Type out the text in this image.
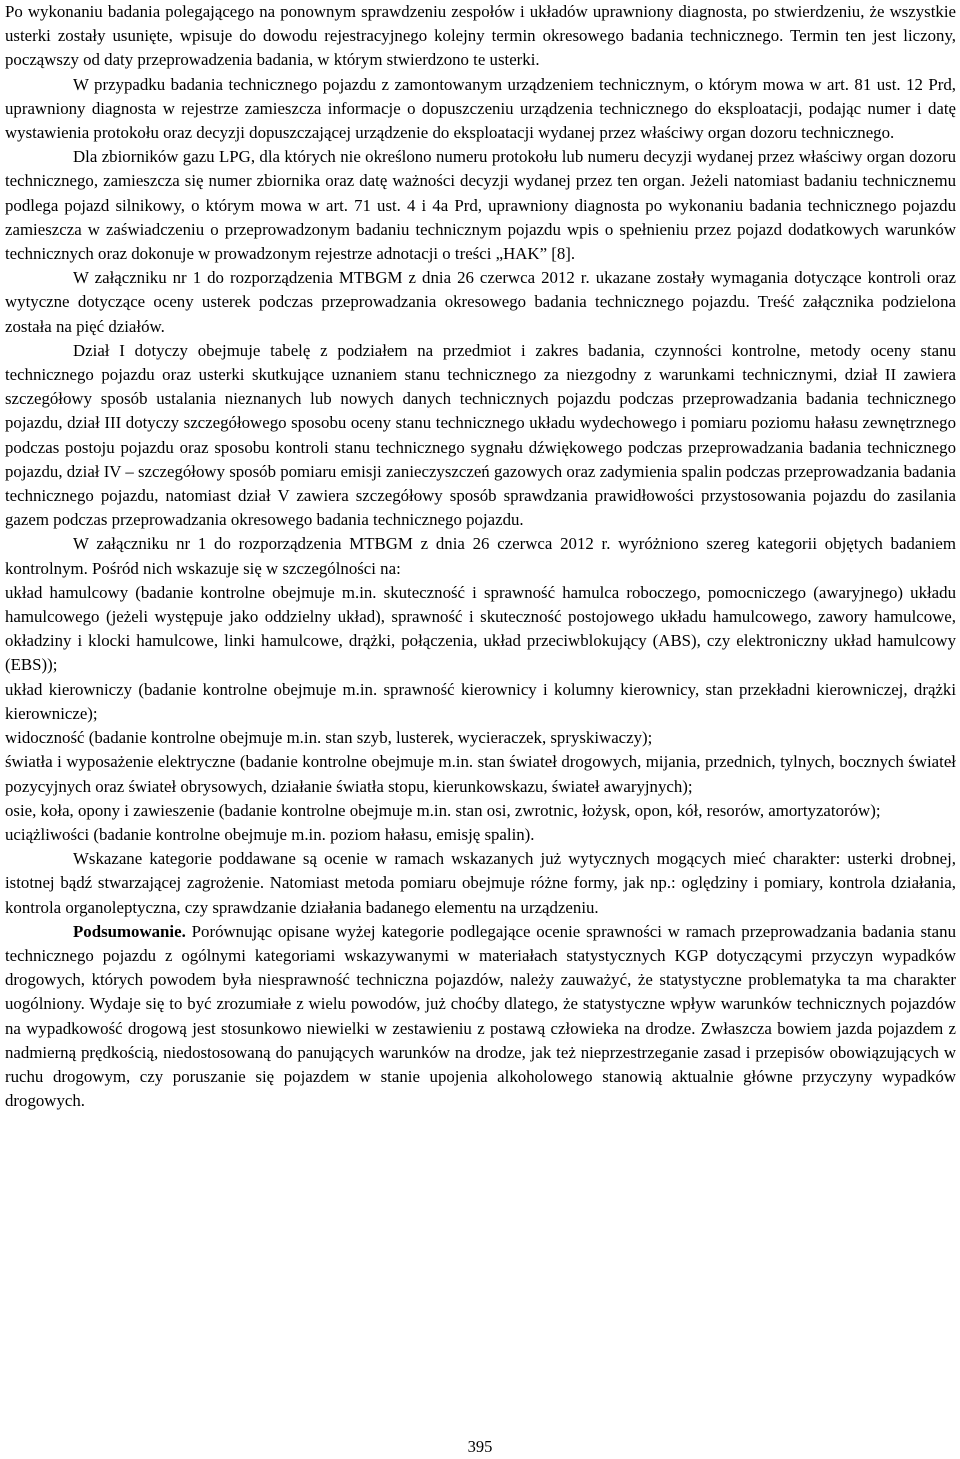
Po wykonaniu badania polegającego na ponownym sprawdzeniu zespołów i układów uprawniony diagnosta, po stwierdzeniu, że wszystkie usterki zostały usunięte, wpisuje do dowodu rejestracyjnego kolejny termin okresowego badania technicznego. Termin ten jest liczony, począwszy od daty przeprowadzenia badania, w którym stwierdzono te usterki.

W przypadku badania technicznego pojazdu z zamontowanym urządzeniem technicznym, o którym mowa w art. 81 ust. 12 Prd, uprawniony diagnosta w rejestrze zamieszcza informacje o dopuszczeniu urządzenia technicznego do eksploatacji, podając numer i datę wystawienia protokołu oraz decyzji dopuszczającej urządzenie do eksploatacji wydanej przez właściwy organ dozoru technicznego.

Dla zbiorników gazu LPG, dla których nie określono numeru protokołu lub numeru decyzji wydanej przez właściwy organ dozoru technicznego, zamieszcza się numer zbiornika oraz datę ważności decyzji wydanej przez ten organ. Jeżeli natomiast badaniu technicznemu podlega pojazd silnikowy, o którym mowa w art. 71 ust. 4 i 4a Prd, uprawniony diagnosta po wykonaniu badania technicznego pojazdu zamieszcza w zaświadczeniu o przeprowadzonym badaniu technicznym pojazdu wpis o spełnieniu przez pojazd dodatkowych warunków technicznych oraz dokonuje w prowadzonym rejestrze adnotacji o treści „HAK” [8].

W załączniku nr 1 do rozporządzenia MTBGM z dnia 26 czerwca 2012 r. ukazane zostały wymagania dotyczące kontroli oraz wytyczne dotyczące oceny usterek podczas przeprowadzania okresowego badania technicznego pojazdu. Treść załącznika podzielona została na pięć działów.

Dział I dotyczy obejmuje tabelę z podziałem na przedmiot i zakres badania, czynności kontrolne, metody oceny stanu technicznego pojazdu oraz usterki skutkujące uznaniem stanu technicznego za niezgodny z warunkami technicznymi, dział II zawiera szczegółowy sposób ustalania nieznanych lub nowych danych technicznych pojazdu podczas przeprowadzania badania technicznego pojazdu, dział III dotyczy szczegółowego sposobu oceny stanu technicznego układu wydechowego i pomiaru poziomu hałasu zewnętrznego podczas postoju pojazdu oraz sposobu kontroli stanu technicznego sygnału dźwiękowego podczas przeprowadzania badania technicznego pojazdu, dział IV – szczegółowy sposób pomiaru emisji zanieczyszczeń gazowych oraz zadymienia spalin podczas przeprowadzania badania technicznego pojazdu, natomiast dział V zawiera szczegółowy sposób sprawdzania prawidłowości przystosowania pojazdu do zasilania gazem podczas przeprowadzania okresowego badania technicznego pojazdu.

W załączniku nr 1 do rozporządzenia MTBGM z dnia 26 czerwca 2012 r. wyróżniono szereg kategorii objętych badaniem kontrolnym. Pośród nich wskazuje się w szczególności na:

układ hamulcowy (badanie kontrolne obejmuje m.in. skuteczność i sprawność hamulca roboczego, pomocniczego (awaryjnego) układu hamulcowego (jeżeli występuje jako oddzielny układ), sprawność i skuteczność postojowego układu hamulcowego, zawory hamulcowe, okładziny i klocki hamulcowe, linki hamulcowe, drążki, połączenia, układ przeciwblokujący (ABS), czy elektroniczny układ hamulcowy (EBS));

układ kierowniczy (badanie kontrolne obejmuje m.in. sprawność kierownicy i kolumny kierownicy, stan przekładni kierowniczej, drążki kierownicze);

widoczność (badanie kontrolne obejmuje m.in. stan szyb, lusterek, wycieraczek, spryskiwaczy);

światła i wyposażenie elektryczne (badanie kontrolne obejmuje m.in. stan świateł drogowych, mijania, przednich, tylnych, bocznych świateł pozycyjnych oraz świateł obrysowych, działanie światła stopu, kierunkowskazu, świateł awaryjnych);

osie, koła, opony i zawieszenie (badanie kontrolne obejmuje m.in. stan osi, zwrotnic, łożysk, opon, kół, resorów, amortyzatorów);

uciążliwości (badanie kontrolne obejmuje m.in. poziom hałasu, emisję spalin).

Wskazane kategorie poddawane są ocenie w ramach wskazanych już wytycznych mogących mieć charakter: usterki drobnej, istotnej bądź stwarzającej zagrożenie. Natomiast metoda pomiaru obejmuje różne formy, jak np.: oględziny i pomiary, kontrola działania, kontrola organoleptyczna, czy sprawdzanie działania badanego elementu na urządzeniu.

Podsumowanie. Porównując opisane wyżej kategorie podlegające ocenie sprawności w ramach przeprowadzania badania stanu technicznego pojazdu z ogólnymi kategoriami wskazywanymi w materiałach statystycznych KGP dotyczącymi przyczyn wypadków drogowych, których powodem była niesprawność techniczna pojazdów, należy zauważyć, że statystyczne problematyka ta ma charakter uogólniony. Wydaje się to być zrozumiałe z wielu powodów, już choćby dlatego, że statystyczne wpływ warunków technicznych pojazdów na wypadkowość drogową jest stosunkowo niewielki w zestawieniu z postawą człowieka na drodze. Zwłaszcza bowiem jazda pojazdem z nadmierną prędkością, niedostosowaną do panujących warunków na drodze, jak też nieprzestrzeganie zasad i przepisów obowiązujących w ruchu drogowym, czy poruszanie się pojazdem w stanie upojenia alkoholowego stanowią aktualnie główne przyczyny wypadków drogowych.

395
